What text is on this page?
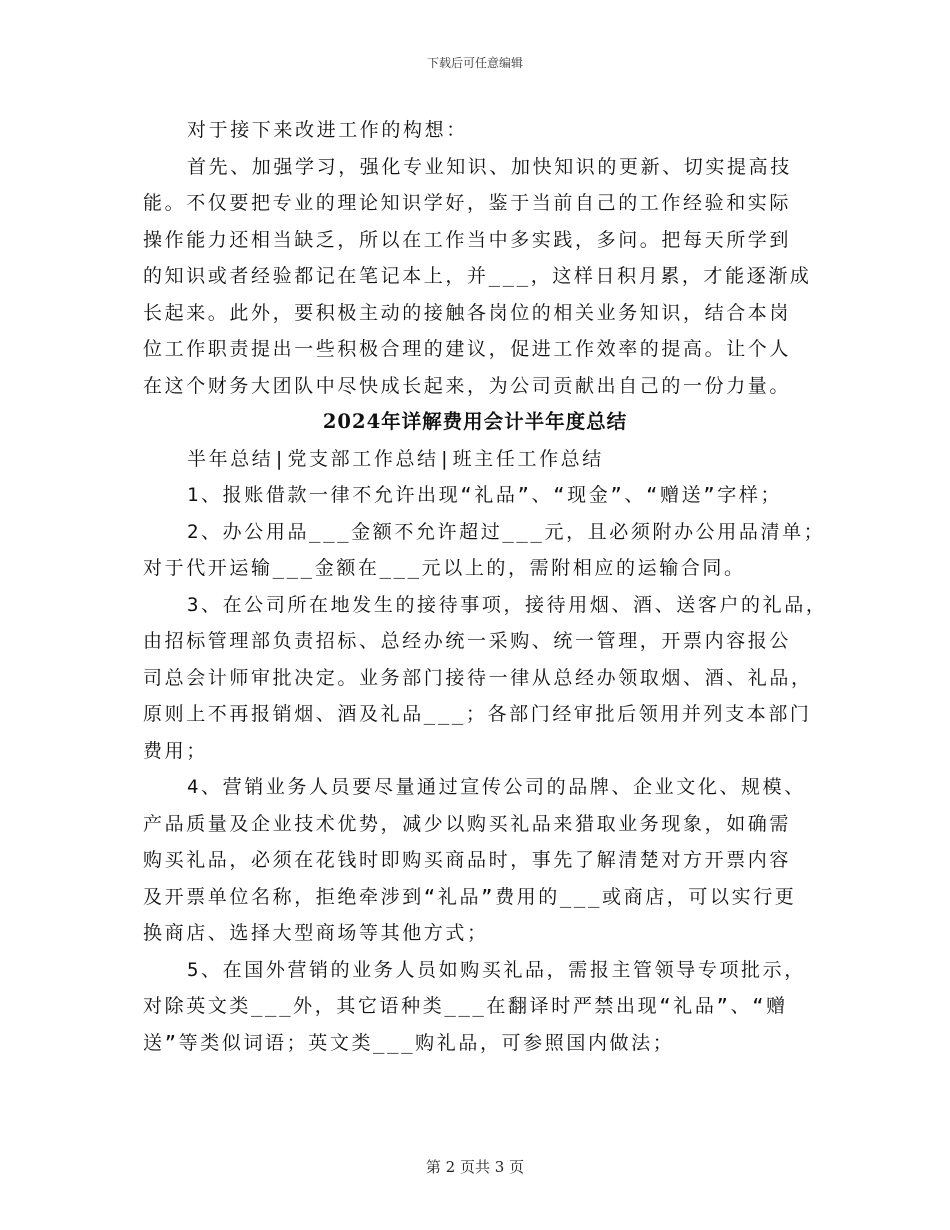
下载后可任意编辑
对于接下来改进工作的构想：
首先、加强学习，强化专业知识、加快知识的更新、切实提高技
能。不仅要把专业的理论知识学好，鉴于当前自己的工作经验和实际
操作能力还相当缺乏，所以在工作当中多实践，多问。把每天所学到
的知识或者经验都记在笔记本上，并___，这样日积月累，才能逐渐成
长起来。此外，要积极主动的接触各岗位的相关业务知识，结合本岗
位工作职责提出一些积极合理的建议，促进工作效率的提高。让个人
在这个财务大团队中尽快成长起来，为公司贡献出自己的一份力量。
2024年详解费用会计半年度总结
半年总结|党支部工作总结|班主任工作总结
1、报账借款一律不允许出现“礼品”、“现金”、“赠送”字样；
2、办公用品___金额不允许超过___元，且必须附办公用品清单；
对于代开运输___金额在___元以上的，需附相应的运输合同。
3、在公司所在地发生的接待事项，接待用烟、酒、送客户的礼品，
由招标管理部负责招标、总经办统一采购、统一管理，开票内容报公
司总会计师审批决定。业务部门接待一律从总经办领取烟、酒、礼品，
原则上不再报销烟、酒及礼品___；各部门经审批后领用并列支本部门
费用；
4、营销业务人员要尽量通过宣传公司的品牌、企业文化、规模、
产品质量及企业技术优势，减少以购买礼品来猎取业务现象，如确需
购买礼品，必须在花钱时即购买商品时，事先了解清楚对方开票内容
及开票单位名称，拒绝牵涉到“礼品”费用的___或商店，可以实行更
换商店、选择大型商场等其他方式；
5、在国外营销的业务人员如购买礼品，需报主管领导专项批示，
对除英文类___外，其它语种类___在翻译时严禁出现“礼品”、“赠
送”等类似词语；英文类___购礼品，可参照国内做法；
第 2 页共 3 页
